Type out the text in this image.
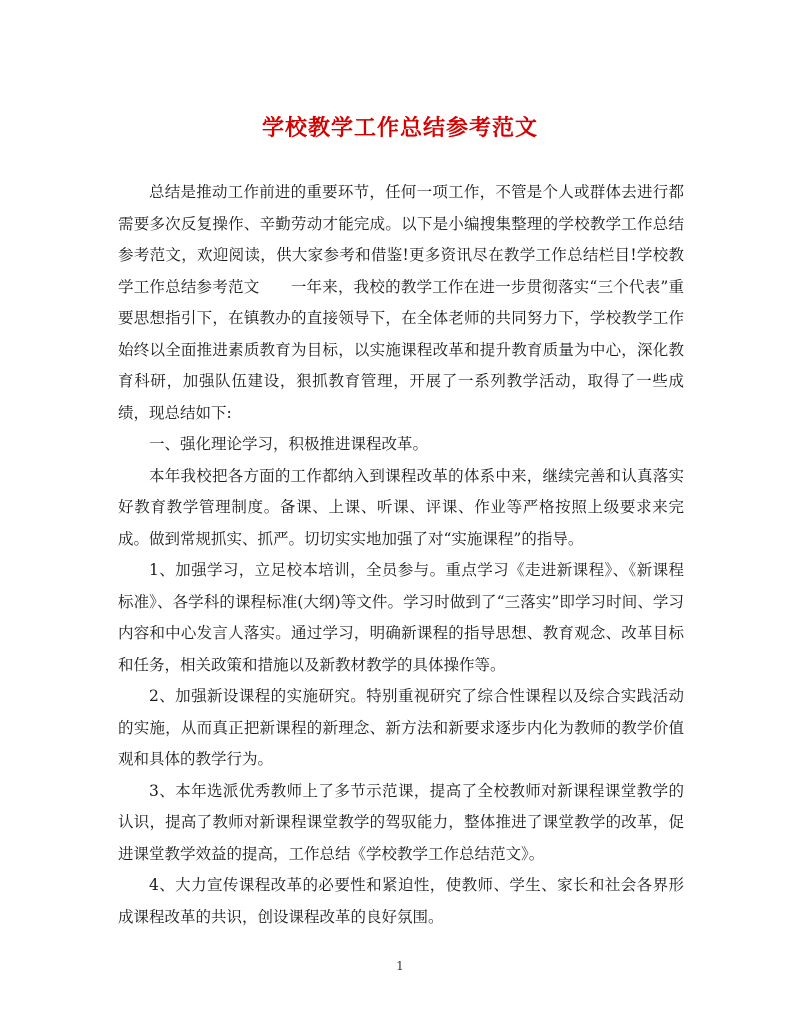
学校教学工作总结参考范文

总结是推动工作前进的重要环节，任何一项工作，不管是个人或群体去进行都需要多次反复操作、辛勤劳动才能完成。以下是小编搜集整理的学校教学工作总结参考范文，欢迎阅读，供大家参考和借鉴!更多资讯尽在教学工作总结栏目!学校教学工作总结参考范文　　一年来，我校的教学工作在进一步贯彻落实“三个代表”重要思想指引下，在镇教办的直接领导下，在全体老师的共同努力下，学校教学工作始终以全面推进素质教育为目标，以实施课程改革和提升教育质量为中心，深化教育科研，加强队伍建设，狠抓教育管理，开展了一系列教学活动，取得了一些成绩，现总结如下:

一、强化理论学习，积极推进课程改革。

本年我校把各方面的工作都纳入到课程改革的体系中来，继续完善和认真落实好教育教学管理制度。备课、上课、听课、评课、作业等严格按照上级要求来完成。做到常规抓实、抓严。切切实实地加强了对“实施课程”的指导。

1、加强学习，立足校本培训，全员参与。重点学习《走进新课程》、《新课程标准》、各学科的课程标准(大纲)等文件。学习时做到了“三落实”即学习时间、学习内容和中心发言人落实。通过学习，明确新课程的指导思想、教育观念、改革目标和任务，相关政策和措施以及新教材教学的具体操作等。

2、加强新设课程的实施研究。特别重视研究了综合性课程以及综合实践活动的实施，从而真正把新课程的新理念、新方法和新要求逐步内化为教师的教学价值观和具体的教学行为。

3、本年选派优秀教师上了多节示范课，提高了全校教师对新课程课堂教学的认识，提高了教师对新课程课堂教学的驾驭能力，整体推进了课堂教学的改革，促进课堂教学效益的提高，工作总结《学校教学工作总结范文》。

4、大力宣传课程改革的必要性和紧迫性，使教师、学生、家长和社会各界形成课程改革的共识，创设课程改革的良好氛围。

1
